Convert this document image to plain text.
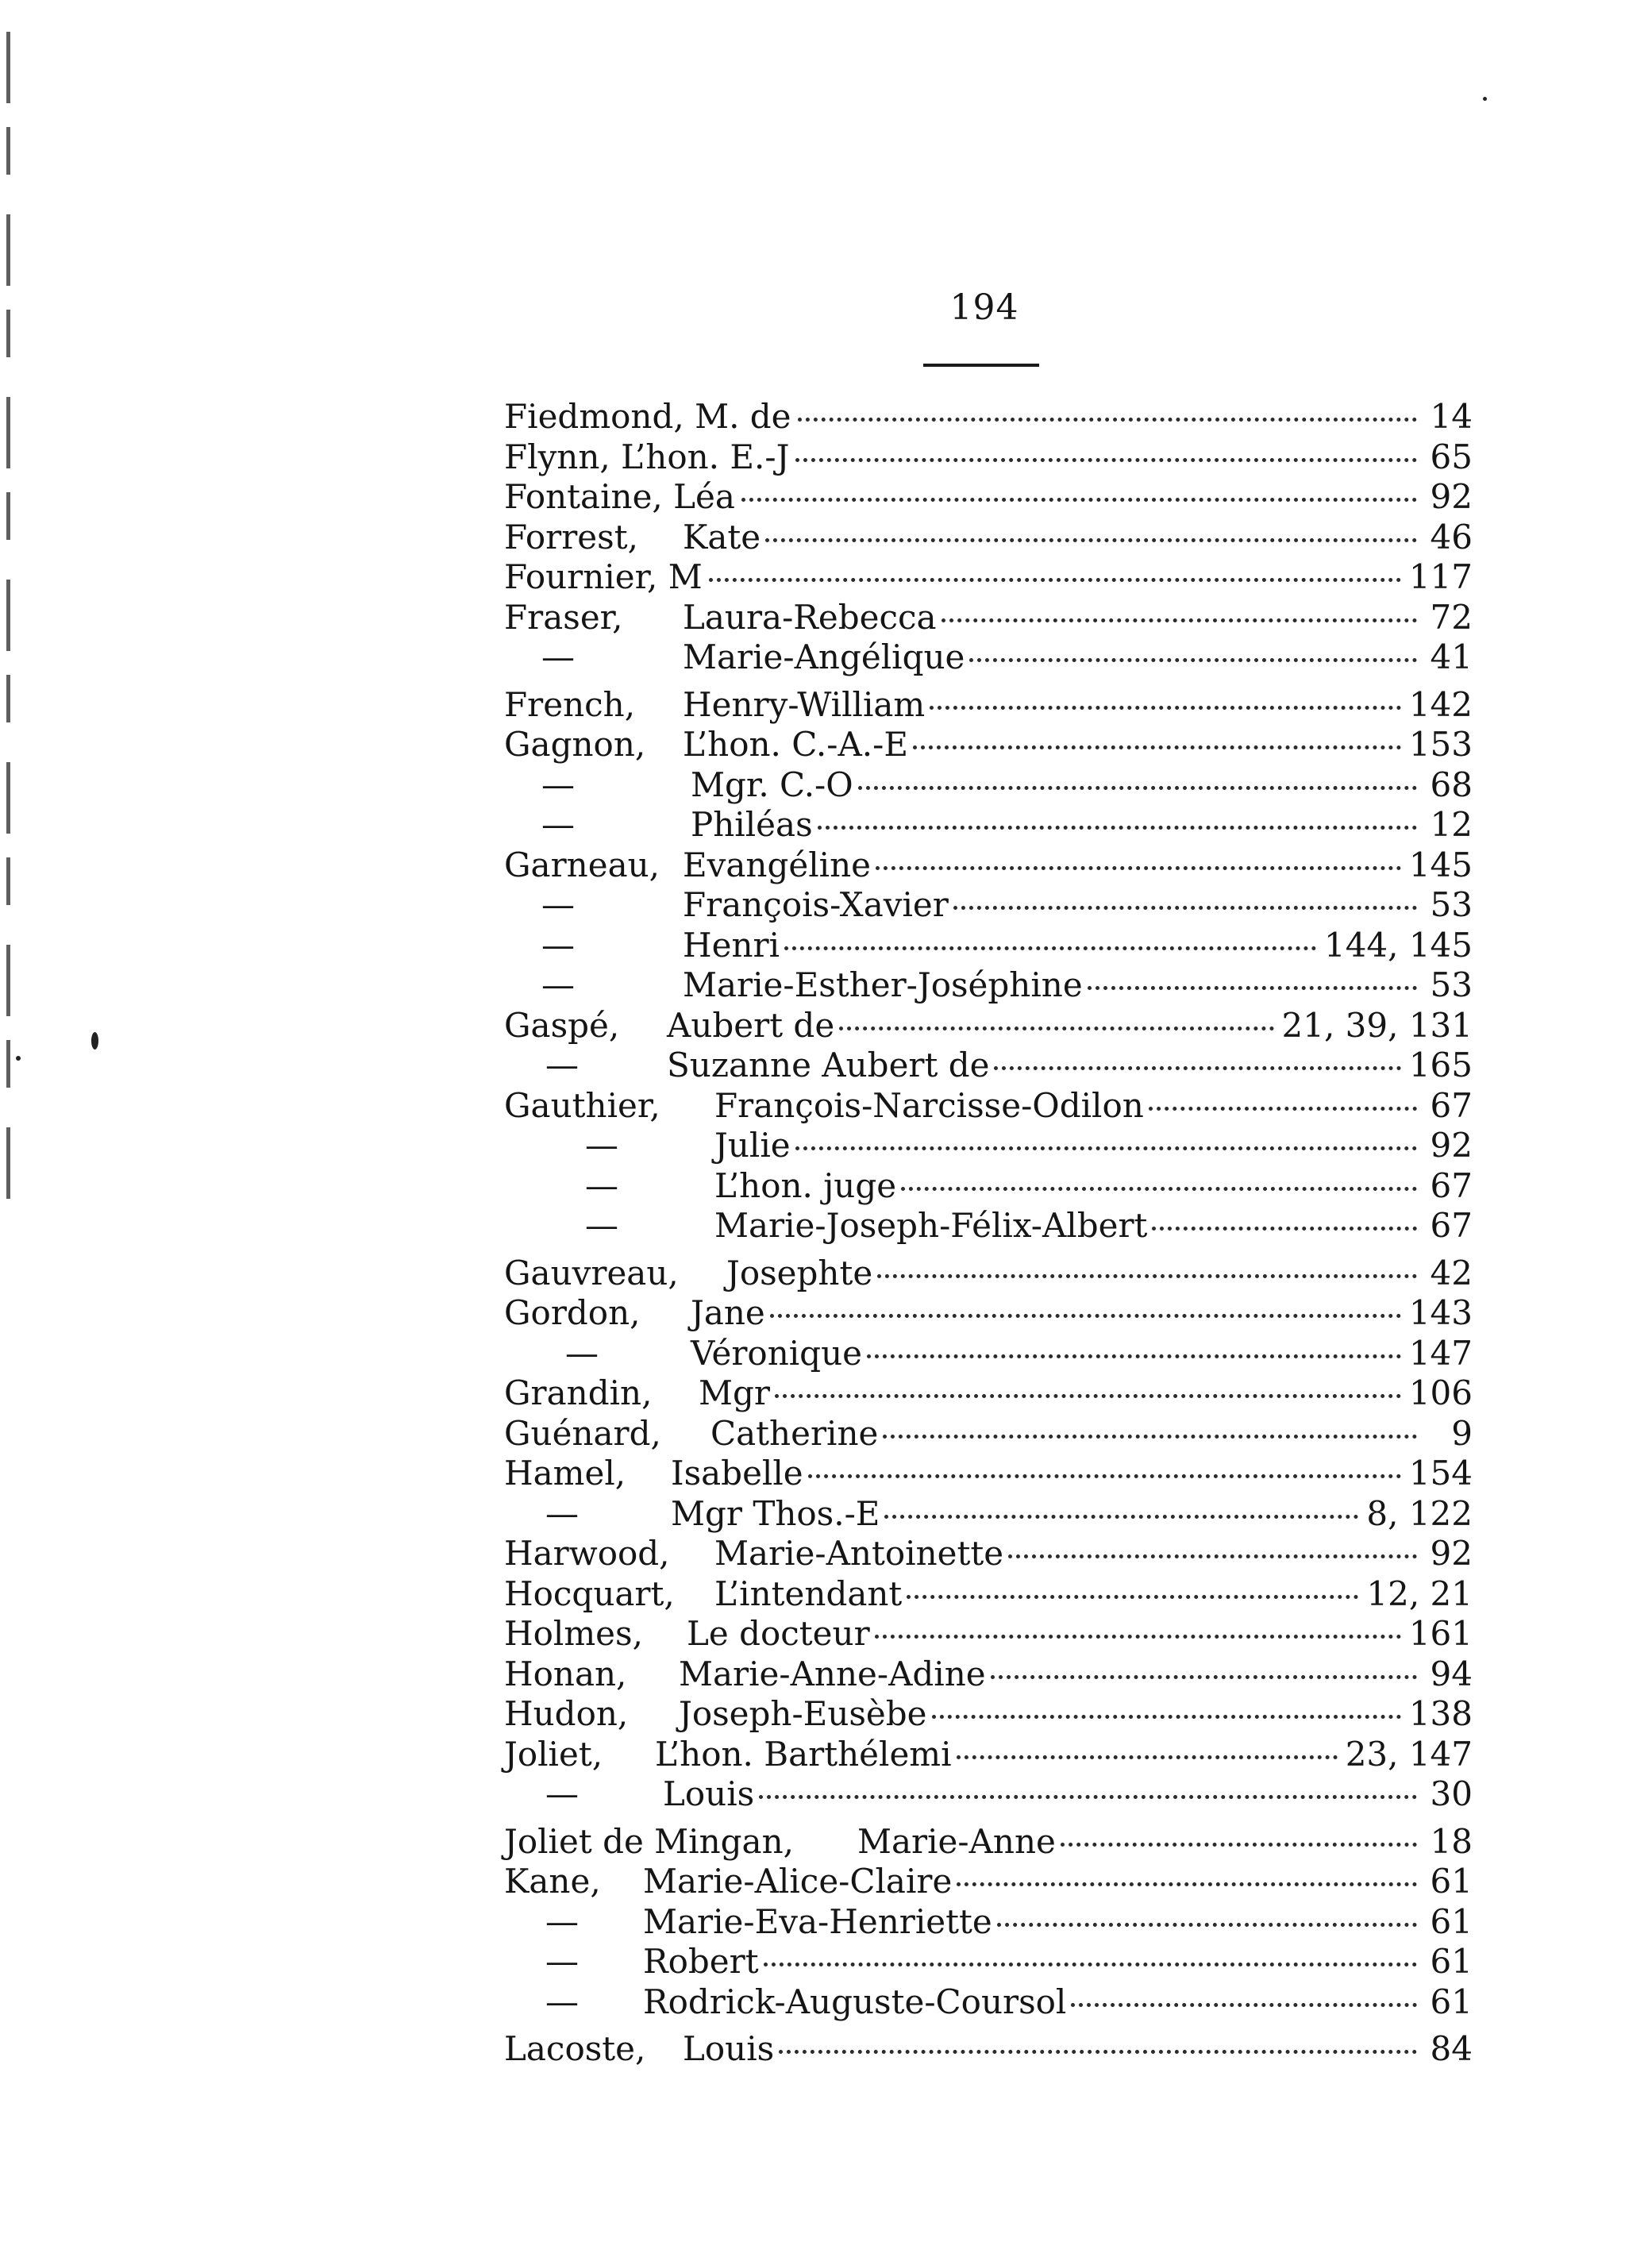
194
Fiedmond, M. de	14
Flynn, L’hon. E.-J	65
Fontaine, Léa	92
Forrest, Kate	46
Fournier, M	117
Fraser, Laura-Rebecca	72
—	Marie-Angélique	41
French, Henry-William	142
Gagnon, L’hon. C.-A.-E	153
—	Mgr. C.-O	68
—	Philéas	12
Garneau, Evangéline	145
—	François-Xavier	53
—	Henri	144, 145
—	Marie-Esther-Joséphine	53
Gaspé, Aubert de	21, 39, 131
—	Suzanne Aubert de	165
Gauthier, François-Narcisse-Odilon	67
—	Julie	92
—	L’hon. juge	67
—	Marie-Joseph-Félix-Albert	67
Gauvreau, Josephte	42
Gordon, Jane	143
—	Véronique	147
Grandin, Mgr	106
Guénard, Catherine	9
Hamel, Isabelle	154
—	Mgr Thos.-E	8, 122
Harwood, Marie-Antoinette	92
Hocquart, L’intendant	12, 21
Holmes, Le docteur	161
Honan, Marie-Anne-Adine	94
Hudon, Joseph-Eusèbe	138
Joliet, L’hon. Barthélemi	23, 147
—	Louis	30
Joliet de Mingan, Marie-Anne	18
Kane, Marie-Alice-Claire	61
— Marie-Eva-Henriette	61
— Robert	61
— Rodrick-Auguste-Coursol	61
Lacoste, Louis	84
